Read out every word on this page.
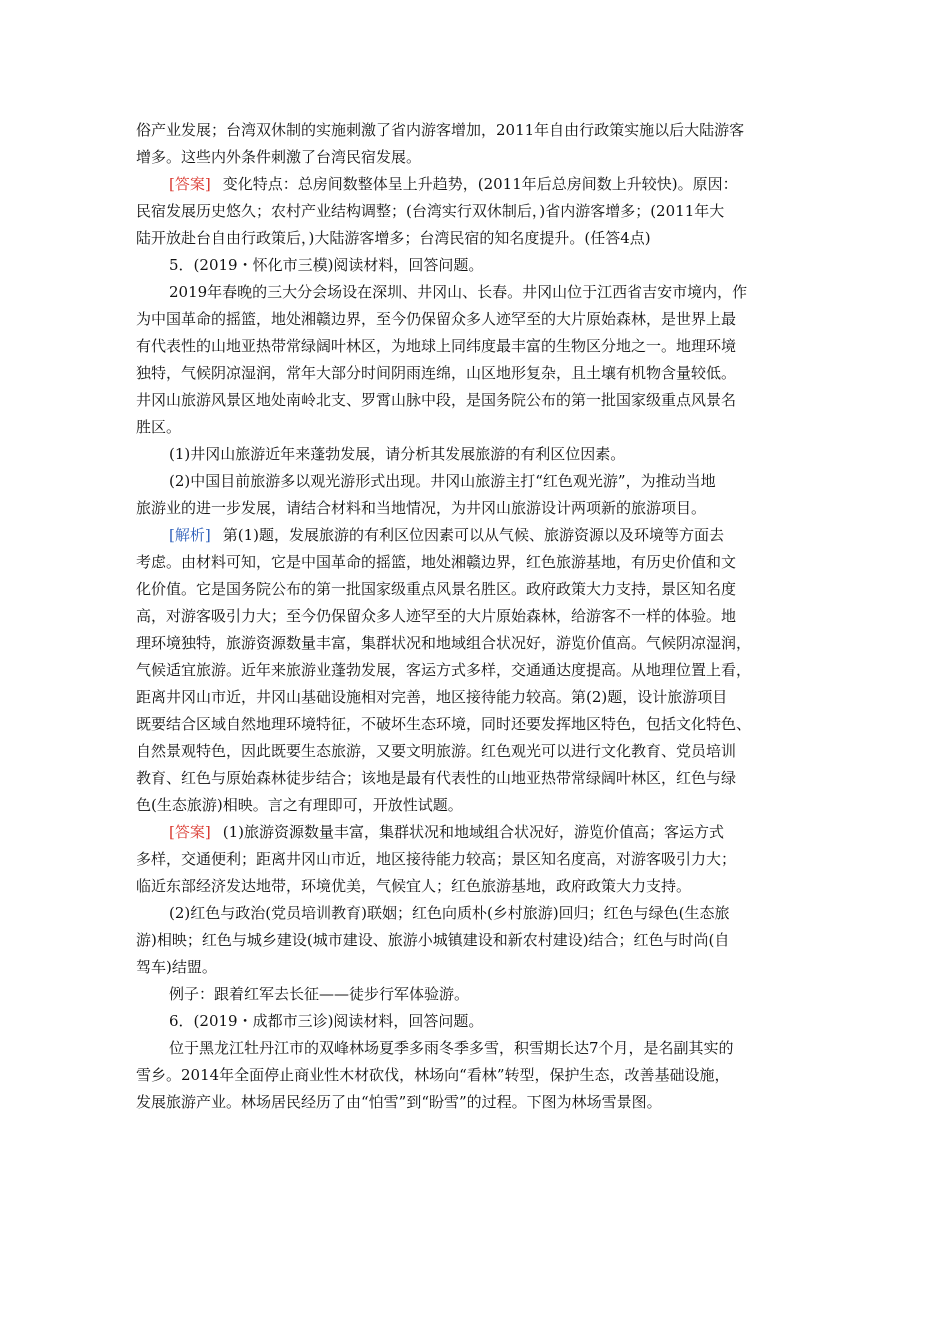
俗产业发展；台湾双休制的实施刺激了省内游客增加，2011年自由行政策实施以后大陆游客
增多。这些内外条件刺激了台湾民宿发展。
[答案] 变化特点：总房间数整体呈上升趋势，(2011年后总房间数上升较快)。原因：
民宿发展历史悠久；农村产业结构调整；(台湾实行双休制后，)省内游客增多；(2011年大
陆开放赴台自由行政策后，)大陆游客增多；台湾民宿的知名度提升。(任答4点)
5．(2019・怀化市三模)阅读材料，回答问题。
2019年春晚的三大分会场设在深圳、井冈山、长春。井冈山位于江西省吉安市境内，作
为中国革命的摇篮，地处湘赣边界，至今仍保留众多人迹罕至的大片原始森林，是世界上最
有代表性的山地亚热带常绿阔叶林区，为地球上同纬度最丰富的生物区分地之一。地理环境
独特，气候阴凉湿润，常年大部分时间阴雨连绵，山区地形复杂，且土壤有机物含量较低。
井冈山旅游风景区地处南岭北支、罗霄山脉中段，是国务院公布的第一批国家级重点风景名
胜区。
(1)井冈山旅游近年来蓬勃发展，请分析其发展旅游的有利区位因素。
(2)中国目前旅游多以观光游形式出现。井冈山旅游主打“红色观光游”，为推动当地
旅游业的进一步发展，请结合材料和当地情况，为井冈山旅游设计两项新的旅游项目。
[解析] 第(1)题，发展旅游的有利区位因素可以从气候、旅游资源以及环境等方面去
考虑。由材料可知，它是中国革命的摇篮，地处湘赣边界，红色旅游基地，有历史价值和文
化价值。它是国务院公布的第一批国家级重点风景名胜区。政府政策大力支持，景区知名度
高，对游客吸引力大；至今仍保留众多人迹罕至的大片原始森林，给游客不一样的体验。地
理环境独特，旅游资源数量丰富，集群状况和地域组合状况好，游览价值高。气候阴凉湿润，
气候适宜旅游。近年来旅游业蓬勃发展，客运方式多样，交通通达度提高。从地理位置上看，
距离井冈山市近，井冈山基础设施相对完善，地区接待能力较高。第(2)题，设计旅游项目
既要结合区域自然地理环境特征，不破坏生态环境，同时还要发挥地区特色，包括文化特色、
自然景观特色，因此既要生态旅游，又要文明旅游。红色观光可以进行文化教育、党员培训
教育、红色与原始森林徒步结合；该地是最有代表性的山地亚热带常绿阔叶林区，红色与绿
色(生态旅游)相映。言之有理即可，开放性试题。
[答案] (1)旅游资源数量丰富，集群状况和地域组合状况好，游览价值高；客运方式
多样，交通便利；距离井冈山市近，地区接待能力较高；景区知名度高，对游客吸引力大；
临近东部经济发达地带，环境优美，气候宜人；红色旅游基地，政府政策大力支持。
(2)红色与政治(党员培训教育)联姻；红色向质朴(乡村旅游)回归；红色与绿色(生态旅
游)相映；红色与城乡建设(城市建设、旅游小城镇建设和新农村建设)结合；红色与时尚(自
驾车)结盟。
例子：跟着红军去长征——徒步行军体验游。
6．(2019・成都市三诊)阅读材料，回答问题。
位于黑龙江牡丹江市的双峰林场夏季多雨冬季多雪，积雪期长达7个月，是名副其实的
雪乡。2014年全面停止商业性木材砍伐，林场向“看林”转型，保护生态，改善基础设施，
发展旅游产业。林场居民经历了由“怕雪”到“盼雪”的过程。下图为林场雪景图。
